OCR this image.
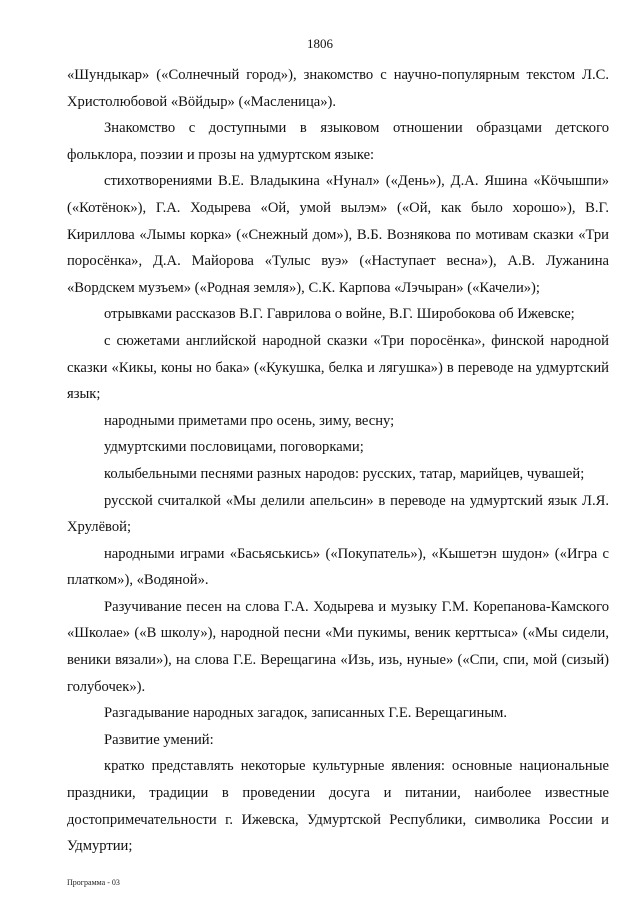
1806

«Шундыкар» («Солнечный город»), знакомство с научно-популярным текстом Л.С. Христолюбовой «Вöйдыр» («Масленица»).

Знакомство с доступными в языковом отношении образцами детского фольклора, поэзии и прозы на удмуртском языке:

стихотворениями В.Е. Владыкина «Нунал» («День»), Д.А. Яшина «Кöчышпи» («Котёнок»), Г.А. Ходырева «Ой, умой вылэм» («Ой, как было хорошо»), В.Г. Кириллова «Лымы корка» («Снежный дом»), В.Б. Вознякова по мотивам сказки «Три поросёнка», Д.А. Майорова «Тулыс вуэ» («Наступает весна»), А.В. Лужанина «Вордскем музъем» («Родная земля»), С.К. Карпова «Лэчыран» («Качели»);

отрывками рассказов В.Г. Гаврилова о войне, В.Г. Широбокова об Ижевске;

с сюжетами английской народной сказки «Три поросёнка», финской народной сказки «Кикы, коны но бака» («Кукушка, белка и лягушка») в переводе на удмуртский язык;

народными приметами про осень, зиму, весну;

удмуртскими пословицами, поговорками;

колыбельными песнями разных народов: русских, татар, марийцев, чувашей;

русской считалкой «Мы делили апельсин» в переводе на удмуртский язык Л.Я. Хрулёвой;

народными играми «Басьяськись» («Покупатель»), «Кышетэн шудон» («Игра с платком»), «Водяной».

Разучивание песен на слова Г.А. Ходырева и музыку Г.М. Корепанова-Камского «Школае» («В школу»), народной песни «Ми пукимы, веник керттыса» («Мы сидели, веники вязали»), на слова Г.Е. Верещагина «Изь, изь, нуные» («Спи, спи, мой (сизый) голубочек»).

Разгадывание народных загадок, записанных Г.Е. Верещагиным.

Развитие умений:

кратко представлять некоторые культурные явления: основные национальные праздники, традиции в проведении досуга и питании, наиболее известные достопримечательности г. Ижевска, Удмуртской Республики, символика России и Удмуртии;

Программа - 03
